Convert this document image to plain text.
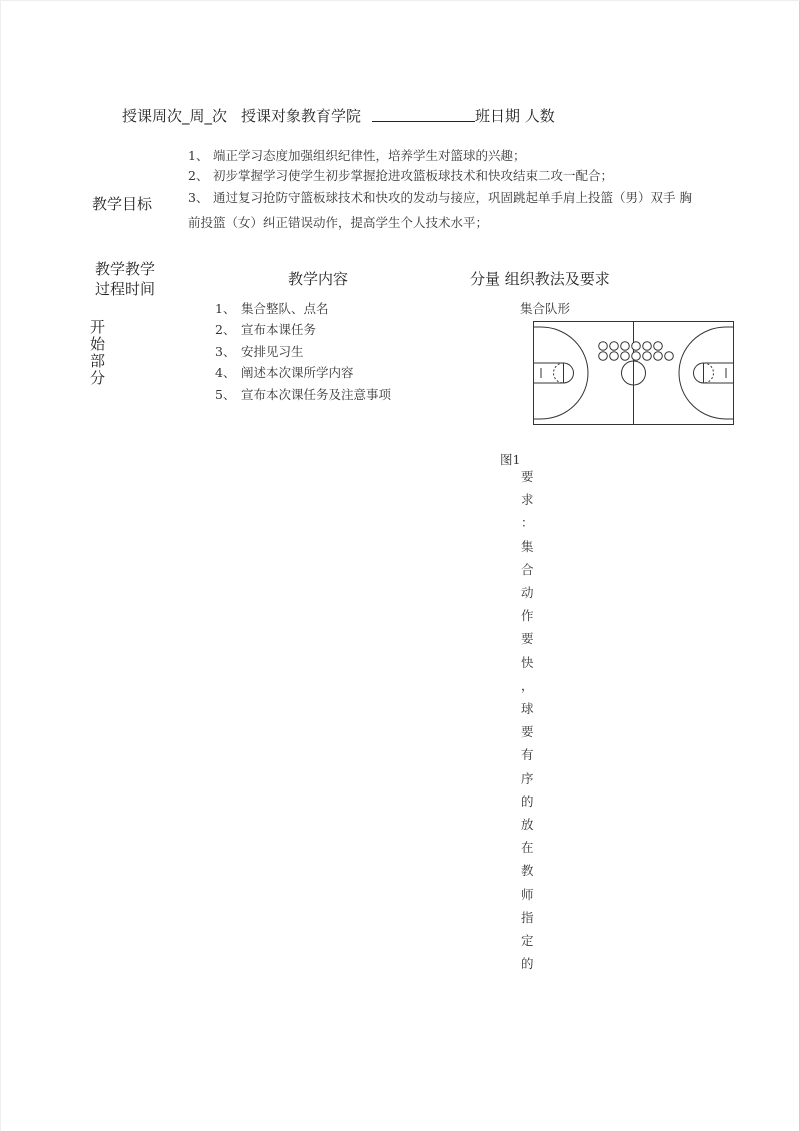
授课周次_周_次 授课对象教育学院	班日期 人数
教学目标
1、 端正学习态度加强组织纪律性，培养学生对篮球的兴趣；
2、 初步掌握学习使学生初步掌握抢进攻篮板球技术和快攻结束二攻一配合；
3、 通过复习抢防守篮板球技术和快攻的发动与接应，巩固跳起单手肩上投篮（男）双手 胸
前投篮（女）纠正错误动作，提高学生个人技术水平；
教学教学
过程时间
教学内容	分量 组织教法及要求
开
始
部
分
1、 集合整队、点名
2、 宣布本课任务
3、 安排见习生
4、 阐述本次课所学内容
5、 宣布本次课任务及注意事项
集合队形
图1
要
求
：
集
合
动
作
要
快
，
球
要
有
序
的
放
在
教
师
指
定
的
